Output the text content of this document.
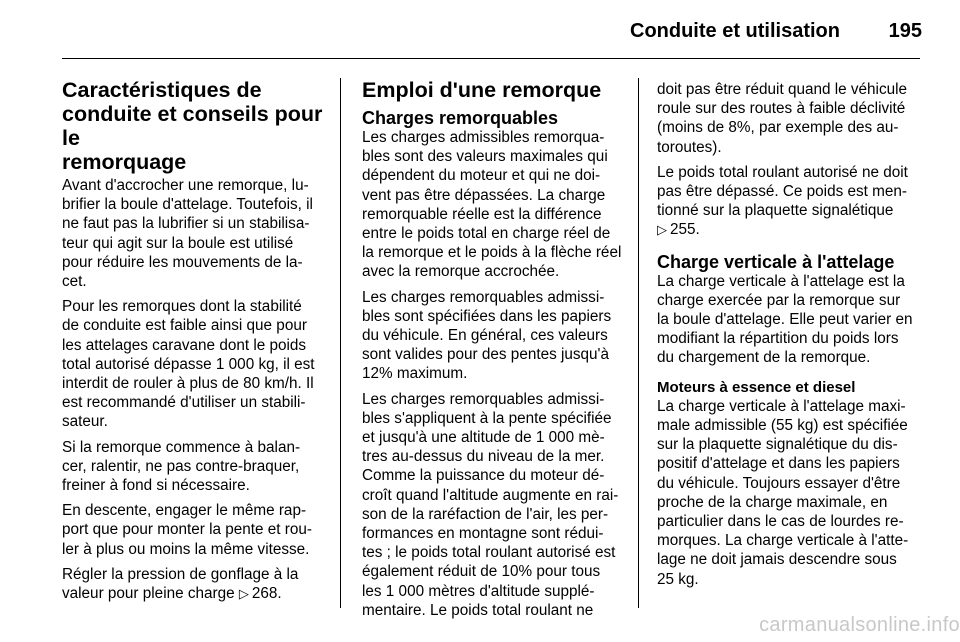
Conduite et utilisation	195
Caractéristiques de
conduite et conseils pour le
remorquage

Avant d'accrocher une remorque, lu-
brifier la boule d'attelage. Toutefois, il
ne faut pas la lubrifier si un stabilisa-
teur qui agit sur la boule est utilisé
pour réduire les mouvements de la-
cet.

Pour les remorques dont la stabilité
de conduite est faible ainsi que pour
les attelages caravane dont le poids
total autorisé dépasse 1 000 kg, il est
interdit de rouler à plus de 80 km/h. Il
est recommandé d'utiliser un stabili-
sateur.

Si la remorque commence à balan-
cer, ralentir, ne pas contre-braquer,
freiner à fond si nécessaire.

En descente, engager le même rap-
port que pour monter la pente et rou-
ler à plus ou moins la même vitesse.

Régler la pression de gonflage à la
valeur pour pleine charge ▷ 268.

Emploi d'une remorque
Charges remorquables

Les charges admissibles remorqua-
bles sont des valeurs maximales qui
dépendent du moteur et qui ne doi-
vent pas être dépassées. La charge
remorquable réelle est la différence
entre le poids total en charge réel de
la remorque et le poids à la flèche réel
avec la remorque accrochée.

Les charges remorquables admissi-
bles sont spécifiées dans les papiers
du véhicule. En général, ces valeurs
sont valides pour des pentes jusqu'à
12% maximum.

Les charges remorquables admissi-
bles s'appliquent à la pente spécifiée
et jusqu'à une altitude de 1 000 mè-
tres au-dessus du niveau de la mer.
Comme la puissance du moteur dé-
croît quand l'altitude augmente en rai-
son de la raréfaction de l'air, les per-
formances en montagne sont rédui-
tes ; le poids total roulant autorisé est
également réduit de 10% pour tous
les 1 000 mètres d'altitude supplé-
mentaire. Le poids total roulant ne

doit pas être réduit quand le véhicule
roule sur des routes à faible déclivité
(moins de 8%, par exemple des au-
toroutes).

Le poids total roulant autorisé ne doit
pas être dépassé. Ce poids est men-
tionné sur la plaquette signalétique
▷ 255.

Charge verticale à l'attelage

La charge verticale à l'attelage est la
charge exercée par la remorque sur
la boule d'attelage. Elle peut varier en
modifiant la répartition du poids lors
du chargement de la remorque.

Moteurs à essence et diesel

La charge verticale à l'attelage maxi-
male admissible (55 kg) est spécifiée
sur la plaquette signalétique du dis-
positif d'attelage et dans les papiers
du véhicule. Toujours essayer d'être
proche de la charge maximale, en
particulier dans le cas de lourdes re-
morques. La charge verticale à l'atte-
lage ne doit jamais descendre sous
25 kg.

carmanualsonline.info
